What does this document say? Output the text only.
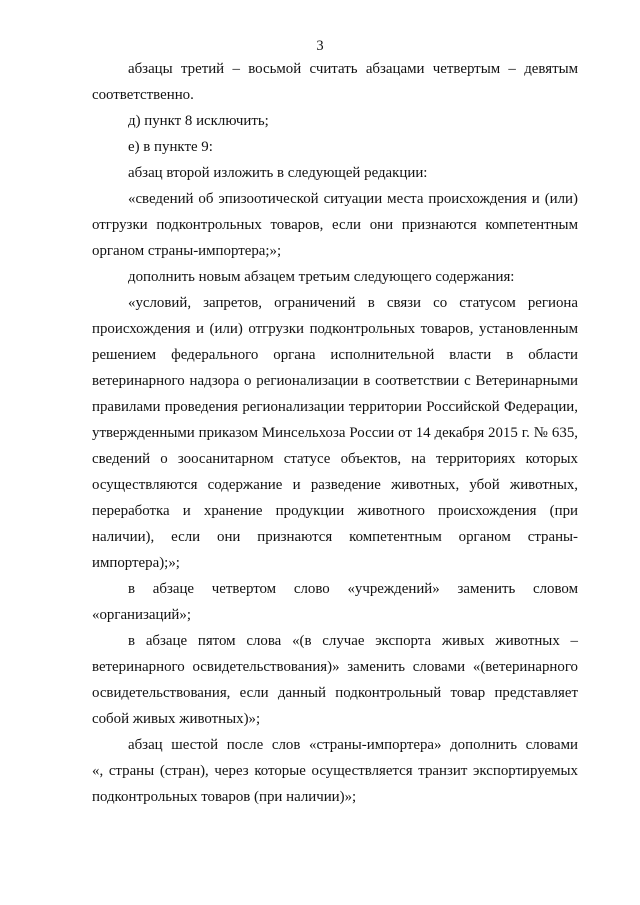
3
абзацы третий – восьмой считать абзацами четвертым – девятым
соответственно.
д) пункт 8 исключить;
е) в пункте 9:
абзац второй изложить в следующей редакции:
«сведений об эпизоотической ситуации места происхождения и (или)
отгрузки подконтрольных товаров, если они признаются компетентным
органом страны-импортера;»;
дополнить новым абзацем третьим следующего содержания:
«условий, запретов, ограничений в связи со статусом региона
происхождения и (или) отгрузки подконтрольных товаров, установленным
решением федерального органа исполнительной власти в области
ветеринарного надзора о регионализации в соответствии с Ветеринарными
правилами проведения регионализации территории Российской Федерации,
утвержденными приказом Минсельхоза России от 14 декабря 2015 г. № 635,
сведений о зоосанитарном статусе объектов, на территориях которых
осуществляются содержание и разведение животных, убой животных,
переработка и хранение продукции животного происхождения (при
наличии), если они признаются компетентным органом страны-
импортера);»;
в абзаце четвертом слово «учреждений» заменить словом
«организаций»;
в абзаце пятом слова «(в случае экспорта живых животных –
ветеринарного освидетельствования)» заменить словами «(ветеринарного
освидетельствования, если данный подконтрольный товар представляет
собой живых животных)»;
абзац шестой после слов «страны-импортера» дополнить словами
«, страны (стран), через которые осуществляется транзит экспортируемых
подконтрольных товаров (при наличии)»;
